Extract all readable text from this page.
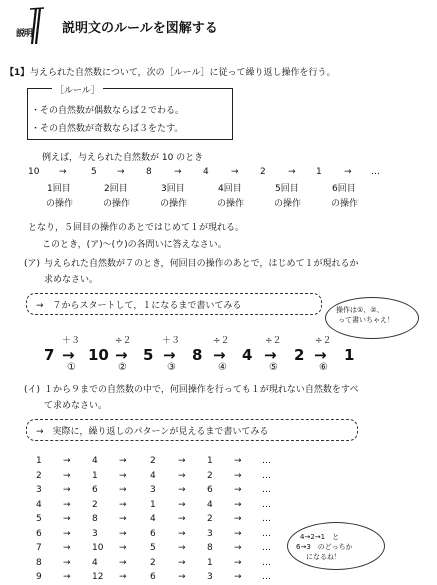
説明 説明文のルールを図解する
【1】 与えられた自然数について，次の［ルール］に従って繰り返し操作を行う。
［ルール］
・その自然数が偶数ならば２でわる。
・その自然数が奇数ならば３をたす。
例えば，与えられた自然数が 10 のとき
10 →	5 → 8 → 4 → 2 → 1 → …
1回目	2回目	3回目	4回目	5回目	6回目
の操作	の操作	の操作	の操作	の操作	の操作
となり，５回目の操作のあとではじめて１が現れる。
このとき，(ア)〜(ウ)の各問いに答えなさい。
(ア) 与えられた自然数が７のとき，何回目の操作のあとで，はじめて１が現れるか
求めなさい。
→　７からスタートして，１になるまで書いてみる	操作は①、②、
って書いちゃえ！
＋３	÷２	＋３	÷２	÷２	÷２
7 → 10 → 5 → 8 → 4 → 2 → 1
①	②	③	④	⑤	⑥
(イ) １から９までの自然数の中で，何回操作を行っても１が現れない自然数をすべ
て求めなさい。
→　実際に，繰り返しのパターンが見えるまで書いてみる
1 → 4 →	2 → 1 → …
2 → 1 →	4 → 2 → …
3 → 6 →	3 → 6 → …
4 → 2 →	1 → 4 → …
5 → 8 →	4 → 2 → …
6 → 3 →	6 → 3 → …
7 → 10 →	5 → 8 → …
8 → 4 →	2 → 1 → …
9 → 12 →	6 → 3 → …
4→2→1　と
6→3　のどっちか
になるね！
